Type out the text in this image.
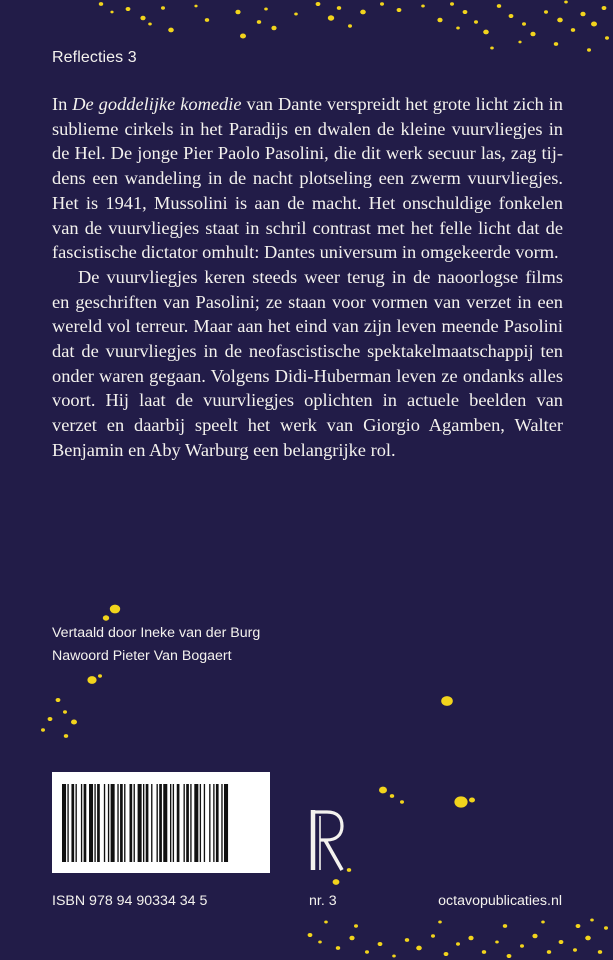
Reflecties 3

In De goddelijke komedie van Dante verspreidt het grote licht zich in sublieme cirkels in het Paradijs en dwalen de kleine vuurvliegjes in de Hel. De jonge Pier Paolo Pasolini, die dit werk secuur las, zag tijdens een wandeling in de nacht plotseling een zwerm vuurvliegjes. Het is 1941, Mussolini is aan de macht. Het onschuldige fonkelen van de vuurvliegjes staat in schril contrast met het felle licht dat de fascistische dictator omhult: Dantes universum in omgekeerde vorm.

De vuurvliegjes keren steeds weer terug in de naoorlogse films en geschriften van Pasolini; ze staan voor vormen van verzet in een wereld vol terreur. Maar aan het eind van zijn leven meende Pasolini dat de vuurvliegjes in de neofascistische spektakelmaatschappij ten onder waren gegaan. Volgens Didi-Huberman leven ze ondanks alles voort. Hij laat de vuurvliegjes oplichten in actuele beelden van verzet en daarbij speelt het werk van Giorgio Agamben, Walter Benjamin en Aby Warburg een belangrijke rol.

Vertaald door Ineke van der Burg
Nawoord Pieter Van Bogaert
ISBN 978 94 90334 34 5	nr. 3	octavopublicaties.nl
